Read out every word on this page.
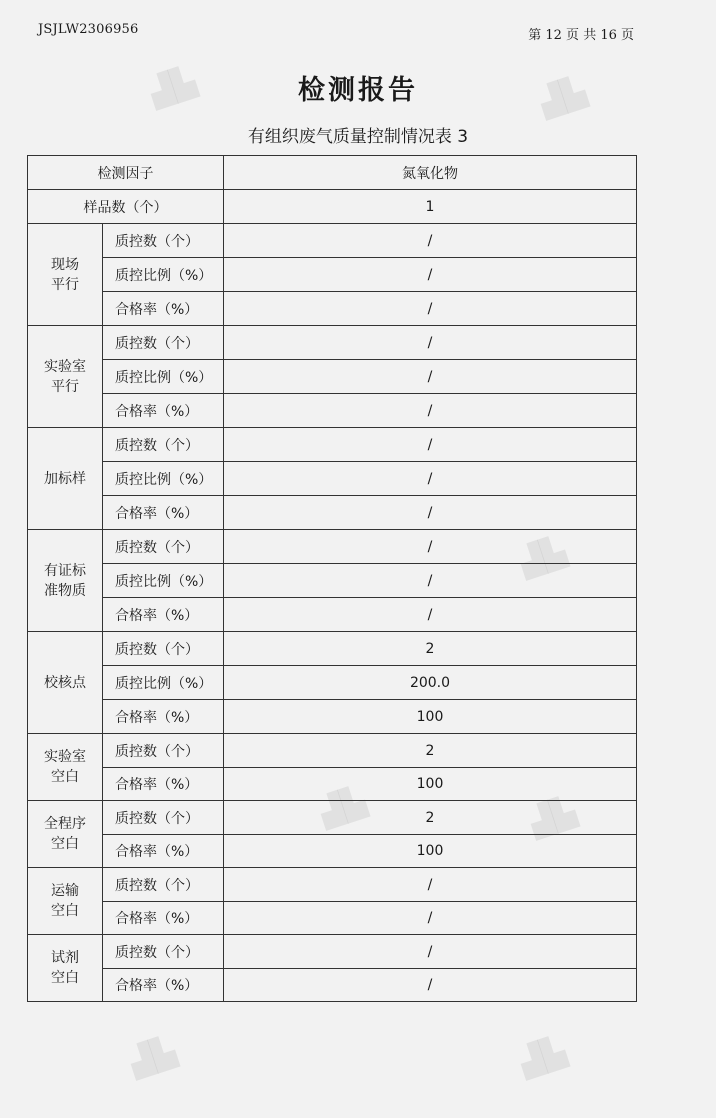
JSJLW2306956	第 12 页 共 16 页
检测报告
有组织废气质量控制情况表 3
▟▙	▟▙
▟▙
▟▙	▟▙
▟▙	▟▙
检测因子		氮氧化物
样品数（个）		1
现场
平行	质控数（个）	/
	质控比例（%）	/
	合格率（%）	/
实验室
平行	质控数（个）	/
	质控比例（%）	/
	合格率（%）	/
加标样	质控数（个）	/
	质控比例（%）	/
	合格率（%）	/
有证标
准物质	质控数（个）	/
	质控比例（%）	/
	合格率（%）	/
校核点	质控数（个）	2
	质控比例（%）	200.0
	合格率（%）	100
实验室
空白	质控数（个）	2
	合格率（%）	100
全程序
空白	质控数（个）	2
	合格率（%）	100
运输
空白	质控数（个）	/
	合格率（%）	/
试剂
空白	质控数（个）	/
	合格率（%）	/
